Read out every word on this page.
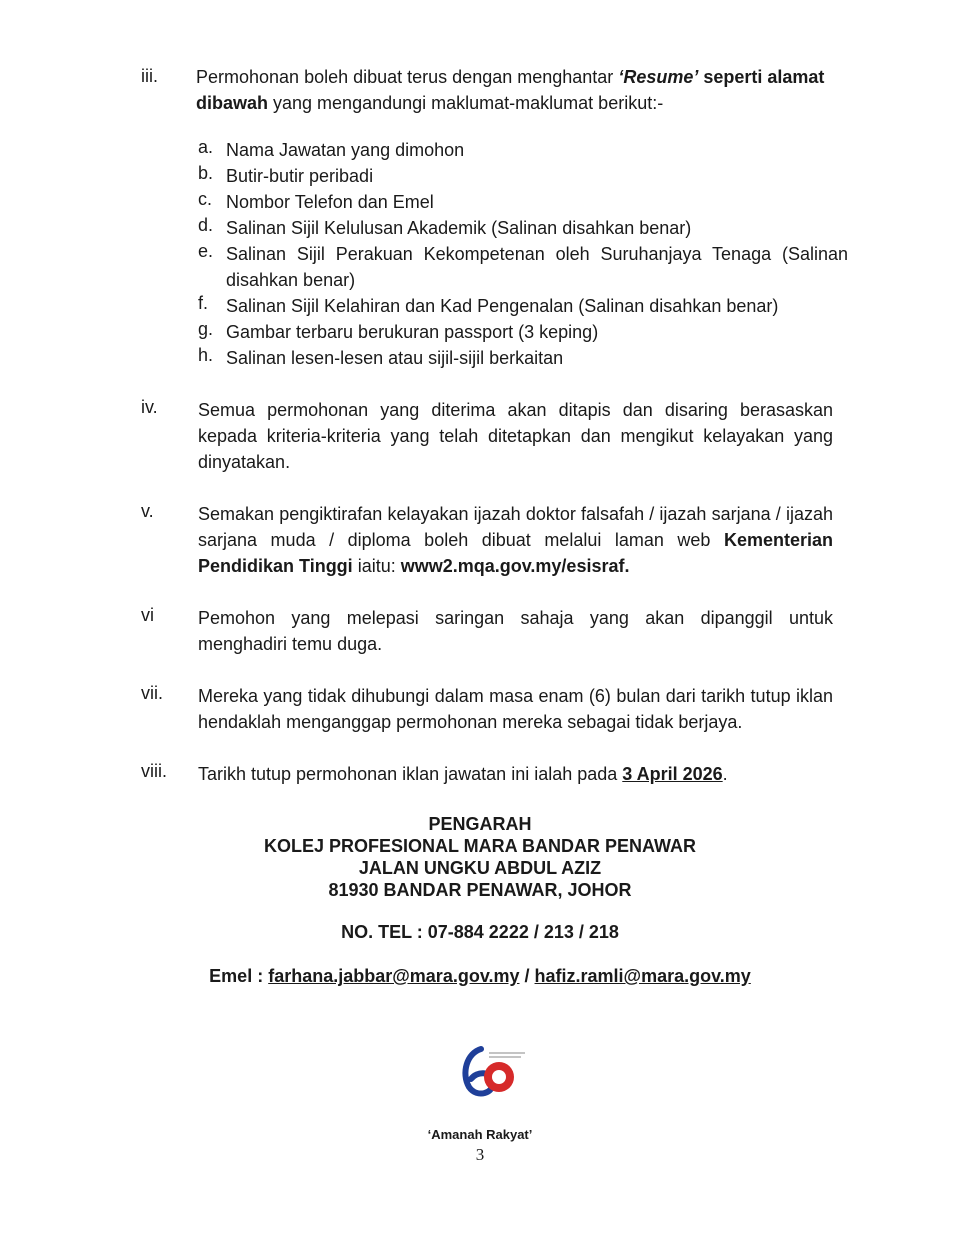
iii. Permohonan boleh dibuat terus dengan menghantar ‘Resume’ seperti alamat
dibawah yang mengandungi maklumat-maklumat berikut:-
a. Nama Jawatan yang dimohon
b. Butir-butir peribadi
c. Nombor Telefon dan Emel
d. Salinan Sijil Kelulusan Akademik (Salinan disahkan benar)
e. Salinan Sijil Perakuan Kekompetenan oleh Suruhanjaya Tenaga (Salinan disahkan benar)
f. Salinan Sijil Kelahiran dan Kad Pengenalan (Salinan disahkan benar)
g. Gambar terbaru berukuran passport (3 keping)
h. Salinan lesen-lesen atau sijil-sijil berkaitan
iv. Semua permohonan yang diterima akan ditapis dan disaring berasaskan kepada kriteria-kriteria yang telah ditetapkan dan mengikut kelayakan yang dinyatakan.
v. Semakan pengiktirafan kelayakan ijazah doktor falsafah / ijazah sarjana / ijazah sarjana muda / diploma boleh dibuat melalui laman web Kementerian Pendidikan Tinggi iaitu: www2.mqa.gov.my/esisraf.
vi Pemohon yang melepasi saringan sahaja yang akan dipanggil untuk menghadiri temu duga.
vii. Mereka yang tidak dihubungi dalam masa enam (6) bulan dari tarikh tutup iklan hendaklah menganggap permohonan mereka sebagai tidak berjaya.
viii. Tarikh tutup permohonan iklan jawatan ini ialah pada 3 April 2026.
PENGARAH
KOLEJ PROFESIONAL MARA BANDAR PENAWAR
JALAN UNGKU ABDUL AZIZ
81930 BANDAR PENAWAR, JOHOR
NO. TEL : 07-884 2222 / 213 / 218
Emel : farhana.jabbar@mara.gov.my / hafiz.ramli@mara.gov.my
‘Amanah Rakyat’
3
